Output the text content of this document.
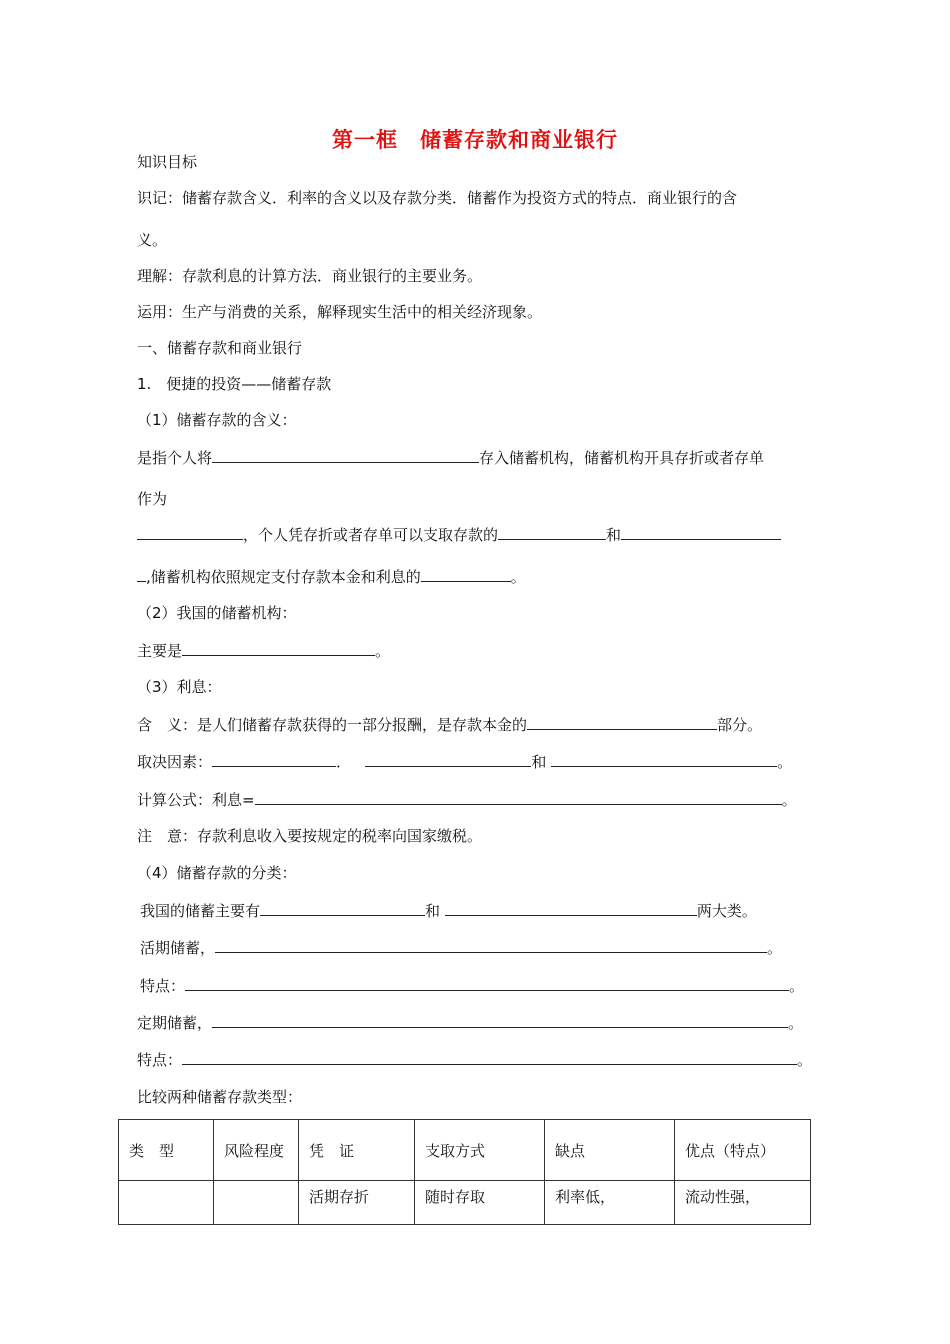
第一框　储蓄存款和商业银行
知识目标
识记：储蓄存款含义．利率的含义以及存款分类．储蓄作为投资方式的特点．商业银行的含
义。
理解：存款利息的计算方法．商业银行的主要业务。
运用：生产与消费的关系，解释现实生活中的相关经济现象。
一、储蓄存款和商业银行
1.　便捷的投资——储蓄存款
（1）储蓄存款的含义：
是指个人将	存入储蓄机构，储蓄机构开具存折或者存单
作为
，个人凭存折或者存单可以支取存款的	和
,储蓄机构依照规定支付存款本金和利息的	。
（2）我国的储蓄机构：
主要是	。
（3）利息：
含　义：是人们储蓄存款获得的一部分报酬，是存款本金的	部分。
取决因素：	．	和	。
计算公式：利息=	。
注　意：存款利息收入要按规定的税率向国家缴税。
（4）储蓄存款的分类：
我国的储蓄主要有	和	两大类。
活期储蓄，	。
特点：	。
定期储蓄，	。
特点：	。
比较两种储蓄存款类型：
类　型	风险程度	凭　证	支取方式	缺点	优点（特点）
		活期存折	随时存取	利率低，	流动性强，
